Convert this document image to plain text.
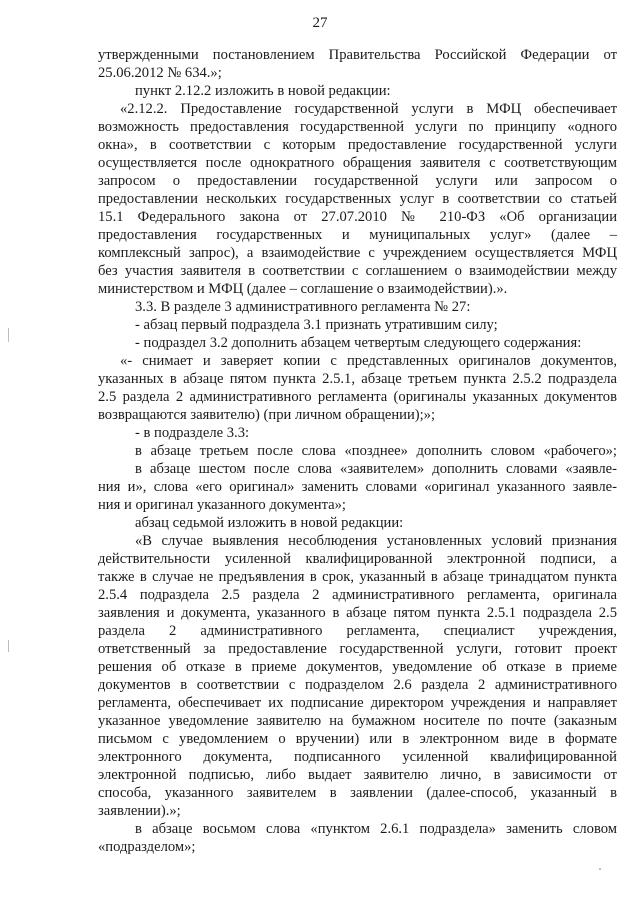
27
утвержденными постановлением Правительства Российской Федерации от
25.06.2012 № 634.»;
пункт 2.12.2 изложить в новой редакции:
«2.12.2. Предоставление государственной услуги в МФЦ обеспечивает
возможность предоставления государственной услуги по принципу «одного
окна», в соответствии с которым предоставление государственной услуги
осуществляется после однократного обращения заявителя с соответствующим
запросом о предоставлении государственной услуги или запросом о
предоставлении нескольких государственных услуг в соответствии со статьей
15.1 Федерального закона от 27.07.2010 № 210-ФЗ «Об организации
предоставления государственных и муниципальных услуг» (далее –
комплексный запрос), а взаимодействие с учреждением осуществляется МФЦ
без участия заявителя в соответствии с соглашением о взаимодействии между
министерством и МФЦ (далее – соглашение о взаимодействии).».
3.3. В разделе 3 административного регламента № 27:
- абзац первый подраздела 3.1 признать утратившим силу;
- подраздел 3.2 дополнить абзацем четвертым следующего содержания:
«- снимает и заверяет копии с представленных оригиналов документов,
указанных в абзаце пятом пункта 2.5.1, абзаце третьем пункта 2.5.2 подраздела
2.5 раздела 2 административного регламента (оригиналы указанных документов
возвращаются заявителю) (при личном обращении);»;
- в подразделе 3.3:
в абзаце третьем после слова «позднее» дополнить словом «рабочего»;
в абзаце шестом после слова «заявителем» дополнить словами «заявле-
ния и», слова «его оригинал» заменить словами «оригинал указанного заявле-
ния и оригинал указанного документа»;
абзац седьмой изложить в новой редакции:
«В случае выявления несоблюдения установленных условий признания
действительности усиленной квалифицированной электронной подписи, а
также в случае не предъявления в срок, указанный в абзаце тринадцатом пункта
2.5.4 подраздела 2.5 раздела 2 административного регламента, оригинала
заявления и документа, указанного в абзаце пятом пункта 2.5.1 подраздела 2.5
раздела 2 административного регламента, специалист учреждения,
ответственный за предоставление государственной услуги, готовит проект
решения об отказе в приеме документов, уведомление об отказе в приеме
документов в соответствии с подразделом 2.6 раздела 2 административного
регламента, обеспечивает их подписание директором учреждения и направляет
указанное уведомление заявителю на бумажном носителе по почте (заказным
письмом с уведомлением о вручении) или в электронном виде в формате
электронного документа, подписанного усиленной квалифицированной
электронной подписью, либо выдает заявителю лично, в зависимости от
способа, указанного заявителем в заявлении (далее-способ, указанный в
заявлении).»;
в абзаце восьмом слова «пунктом 2.6.1 подраздела» заменить словом
«подразделом»;
